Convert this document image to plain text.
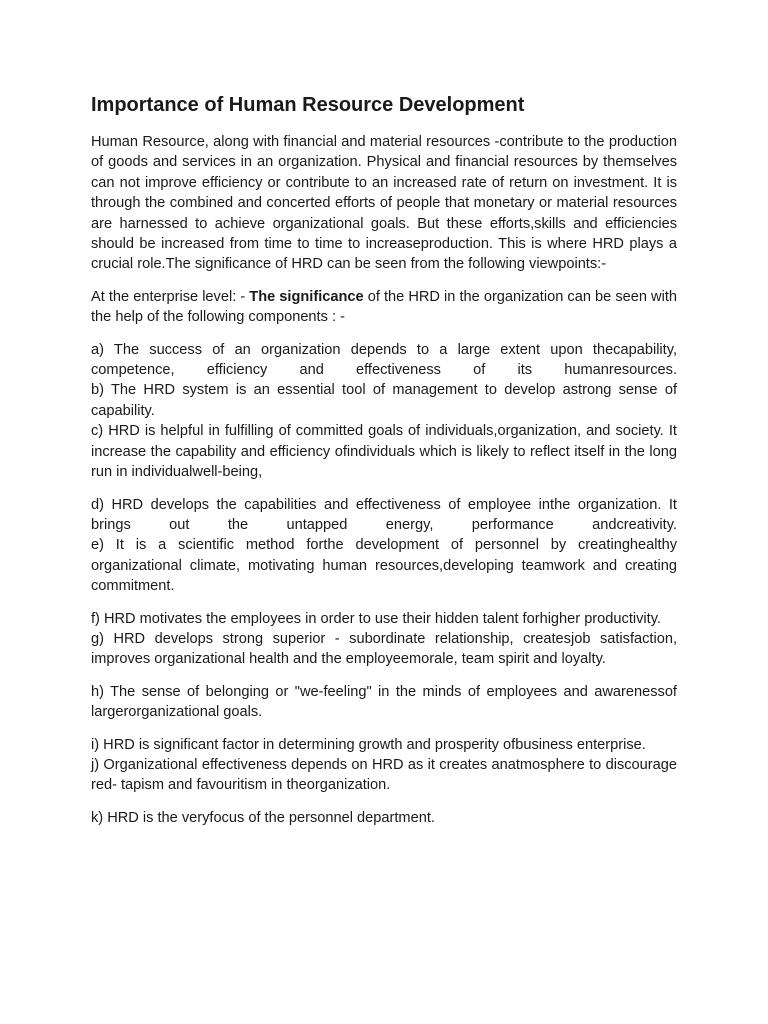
Importance of Human Resource Development

Human Resource, along with financial and material resources -contribute to the production of goods and services in an organization. Physical and financial resources by themselves can not improve efficiency or contribute to an increased rate of return on investment. It is through the combined and concerted efforts of people that monetary or material resources are harnessed to achieve organizational goals. But these efforts,skills and efficiencies should be increased from time to time to increaseproduction. This is where HRD plays a crucial role.The significance of HRD can be seen from the following viewpoints:-

At the enterprise level: - The significance of the HRD in the organization can be seen with the help of the following components : -

a) The success of an organization depends to a large extent upon thecapability,
competence, efficiency and effectiveness of its humanresources.
b) The HRD system is an essential tool of management to develop astrong sense of capability.
c) HRD is helpful in fulfilling of committed goals of individuals,organization, and society. It increase the capability and efficiency ofindividuals which is likely to reflect itself in the long run in individualwell-being,

d) HRD develops the capabilities and effectiveness of employee inthe organization. It
brings out the untapped energy, performance andcreativity.
e) It is a scientific method forthe development of personnel by creatinghealthy organizational climate, motivating human resources,developing teamwork and creating commitment.

f) HRD motivates the employees in order to use their hidden talent forhigher productivity.
g) HRD develops strong superior - subordinate relationship, createsjob satisfaction, improves organizational health and the employeemorale, team spirit and loyalty.

h) The sense of belonging or "we-feeling" in the minds of employees and awarenessof largerorganizational goals.

i) HRD is significant factor in determining growth and prosperity ofbusiness enterprise.
j) Organizational effectiveness depends on HRD as it creates anatmosphere to discourage red- tapism and favouritism in theorganization.

k) HRD is the veryfocus of the personnel department.
